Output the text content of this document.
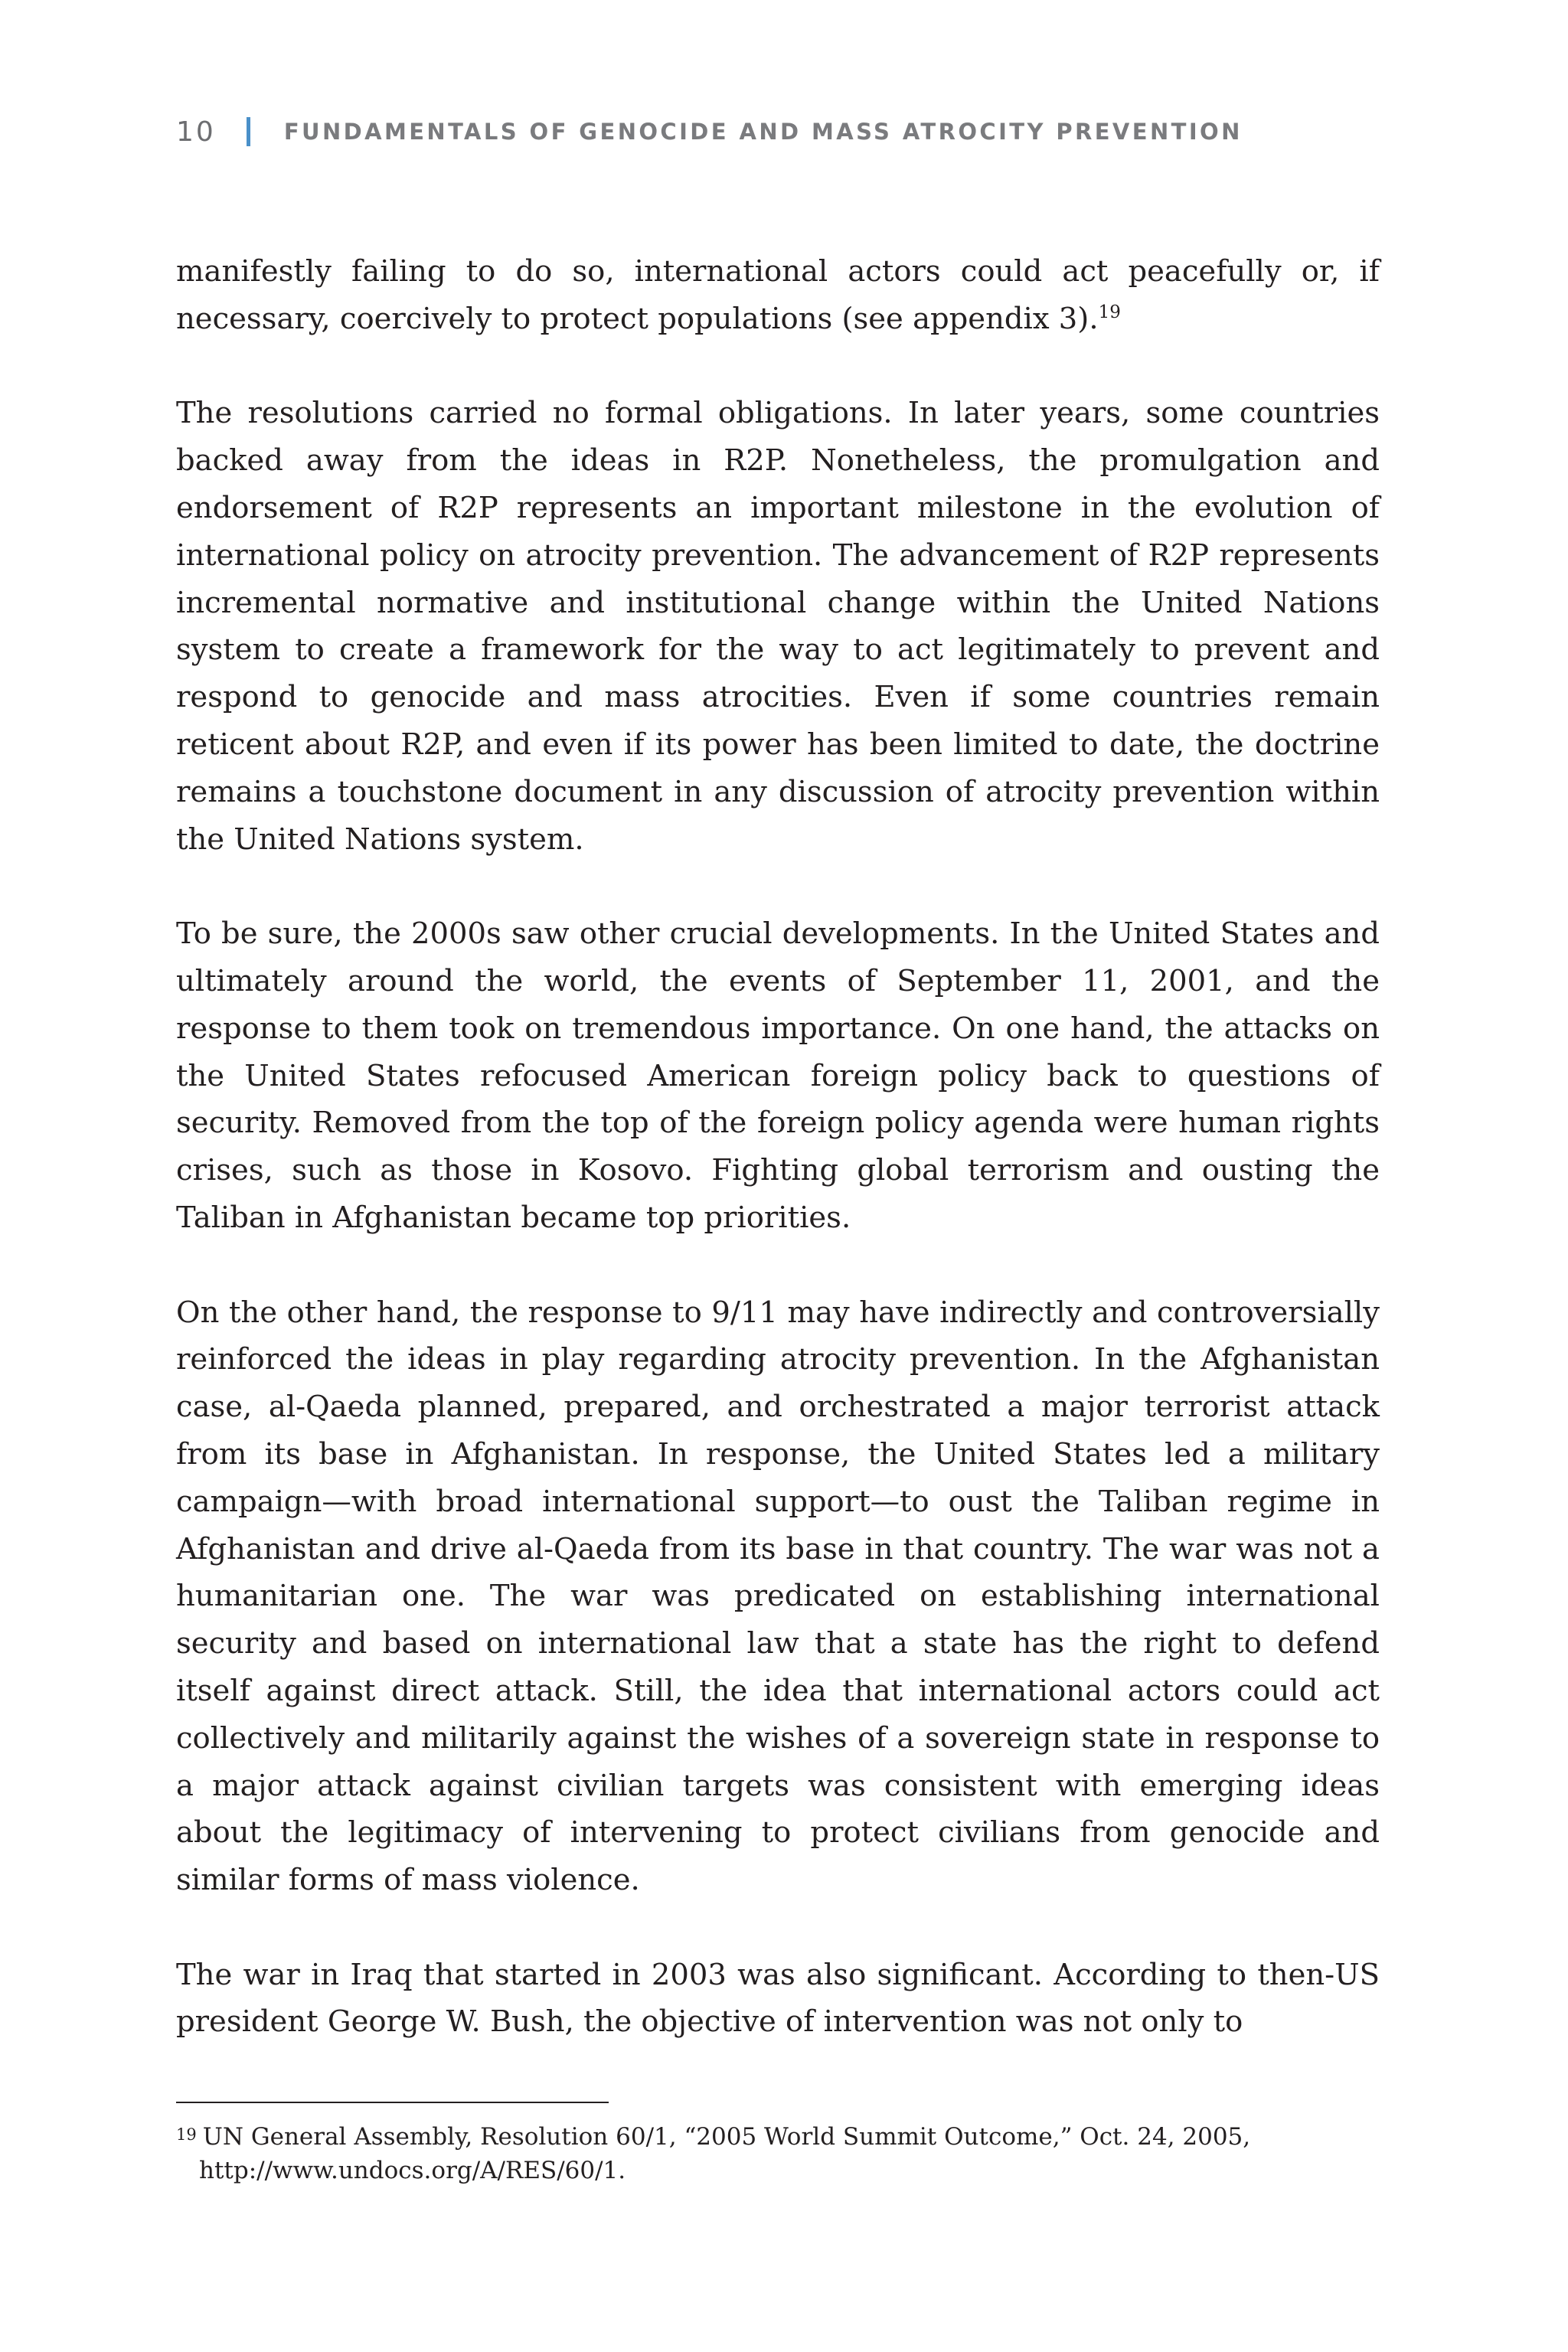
10	FUNDAMENTALS OF GENOCIDE AND MASS ATROCITY PREVENTION

manifestly failing to do so, international actors could act peacefully or, if necessary, coercively to protect populations (see appendix 3).$^{19}$

The resolutions carried no formal obligations. In later years, some countries backed away from the ideas in R2P. Nonetheless, the promulgation and endorsement of R2P represents an important milestone in the evolution of international policy on atrocity prevention. The advancement of R2P represents incremental normative and institutional change within the United Nations system to create a framework for the way to act legitimately to prevent and respond to genocide and mass atrocities. Even if some countries remain reticent about R2P, and even if its power has been limited to date, the doctrine remains a touchstone document in any discussion of atrocity prevention within the United Nations system.

To be sure, the 2000s saw other crucial developments. In the United States and ultimately around the world, the events of September 11, 2001, and the response to them took on tremendous importance. On one hand, the attacks on the United States refocused American foreign policy back to questions of security. Removed from the top of the foreign policy agenda were human rights crises, such as those in Kosovo. Fighting global terrorism and ousting the Taliban in Afghanistan became top priorities.

On the other hand, the response to 9/11 may have indirectly and controversially reinforced the ideas in play regarding atrocity prevention. In the Afghanistan case, al-Qaeda planned, prepared, and orchestrated a major terrorist attack from its base in Afghanistan. In response, the United States led a military campaign—with broad international support—to oust the Taliban regime in Afghanistan and drive al-Qaeda from its base in that country. The war was not a humanitarian one. The war was predicated on establishing international security and based on international law that a state has the right to defend itself against direct attack. Still, the idea that international actors could act collectively and militarily against the wishes of a sovereign state in response to a major attack against civilian targets was consistent with emerging ideas about the legitimacy of intervening to protect civilians from genocide and similar forms of mass violence.

The war in Iraq that started in 2003 was also significant. According to then-US president George W. Bush, the objective of intervention was not only to

19 UN General Assembly, Resolution 60/1, “2005 World Summit Outcome,” Oct. 24, 2005,
http://www.undocs.org/A/RES/60/1.
